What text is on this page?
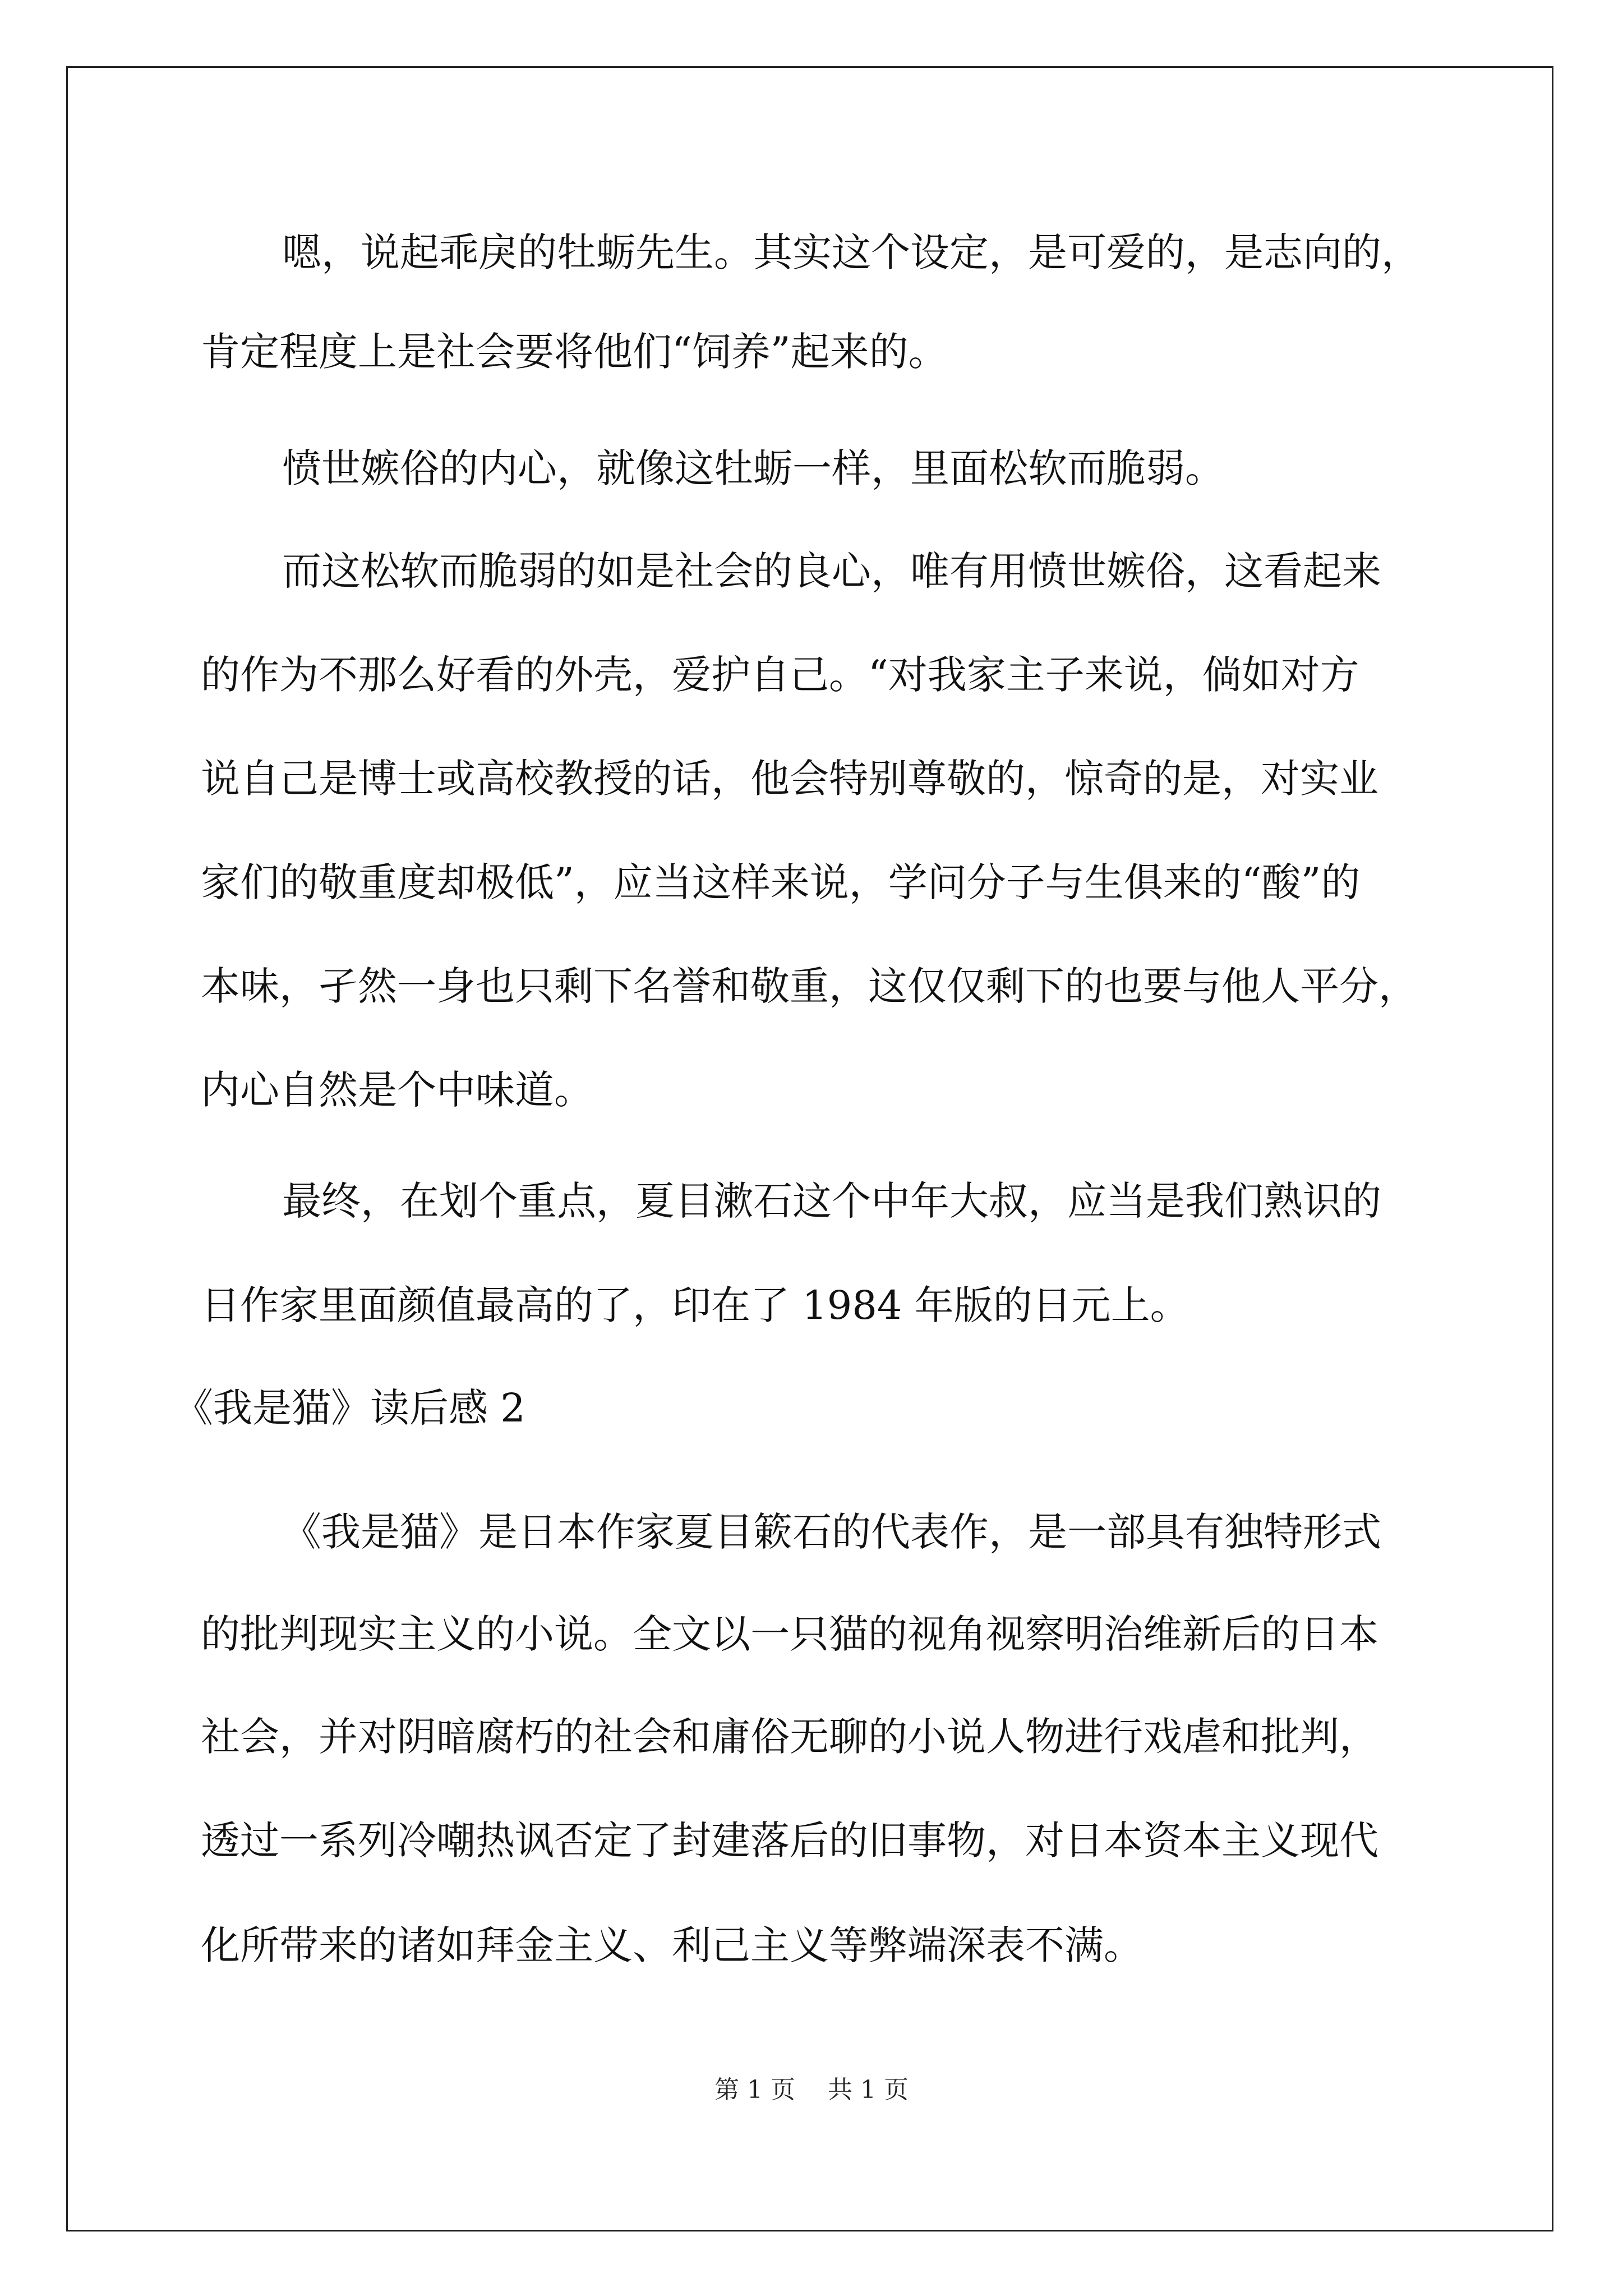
嗯，说起乖戾的牡蛎先生。其实这个设定，是可爱的，是志向的，
肯定程度上是社会要将他们“饲养”起来的。
愤世嫉俗的内心，就像这牡蛎一样，里面松软而脆弱。
而这松软而脆弱的如是社会的良心，唯有用愤世嫉俗，这看起来
的作为不那么好看的外壳，爱护自己。“对我家主子来说，倘如对方
说自己是博士或高校教授的话，他会特别尊敬的，惊奇的是，对实业
家们的敬重度却极低”，应当这样来说，学问分子与生俱来的“酸”的
本味，孑然一身也只剩下名誉和敬重，这仅仅剩下的也要与他人平分，
内心自然是个中味道。
最终，在划个重点，夏目漱石这个中年大叔，应当是我们熟识的
日作家里面颜值最高的了，印在了 1984 年版的日元上。
《我是猫》读后感 2
《我是猫》是日本作家夏目簌石的代表作，是一部具有独特形式
的批判现实主义的小说。全文以一只猫的视角视察明治维新后的日本
社会，并对阴暗腐朽的社会和庸俗无聊的小说人物进行戏虐和批判，
透过一系列冷嘲热讽否定了封建落后的旧事物，对日本资本主义现代
化所带来的诸如拜金主义、利己主义等弊端深表不满。
第 1 页 共 1 页
